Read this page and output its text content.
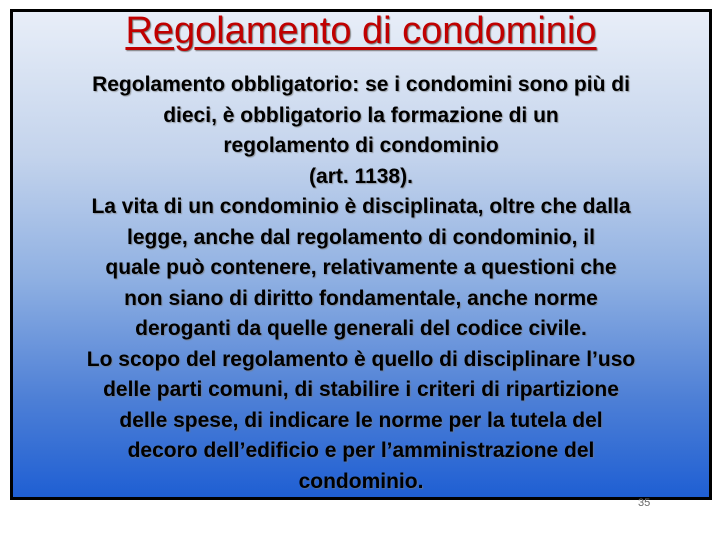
Regolamento di condominio
Regolamento obbligatorio: se i condomini sono più di
dieci, è obbligatorio la formazione di un
regolamento di condominio
(art. 1138).
La vita di un condominio è disciplinata, oltre che dalla
legge, anche dal regolamento di condominio, il
quale può contenere, relativamente a questioni che
non siano di diritto fondamentale, anche norme
deroganti da quelle generali del codice civile.
Lo scopo del regolamento è quello di disciplinare l’uso
delle parti comuni, di stabilire i criteri di ripartizione
delle spese, di indicare le norme per la tutela del
decoro dell’edificio e per l’amministrazione del
condominio.
35
